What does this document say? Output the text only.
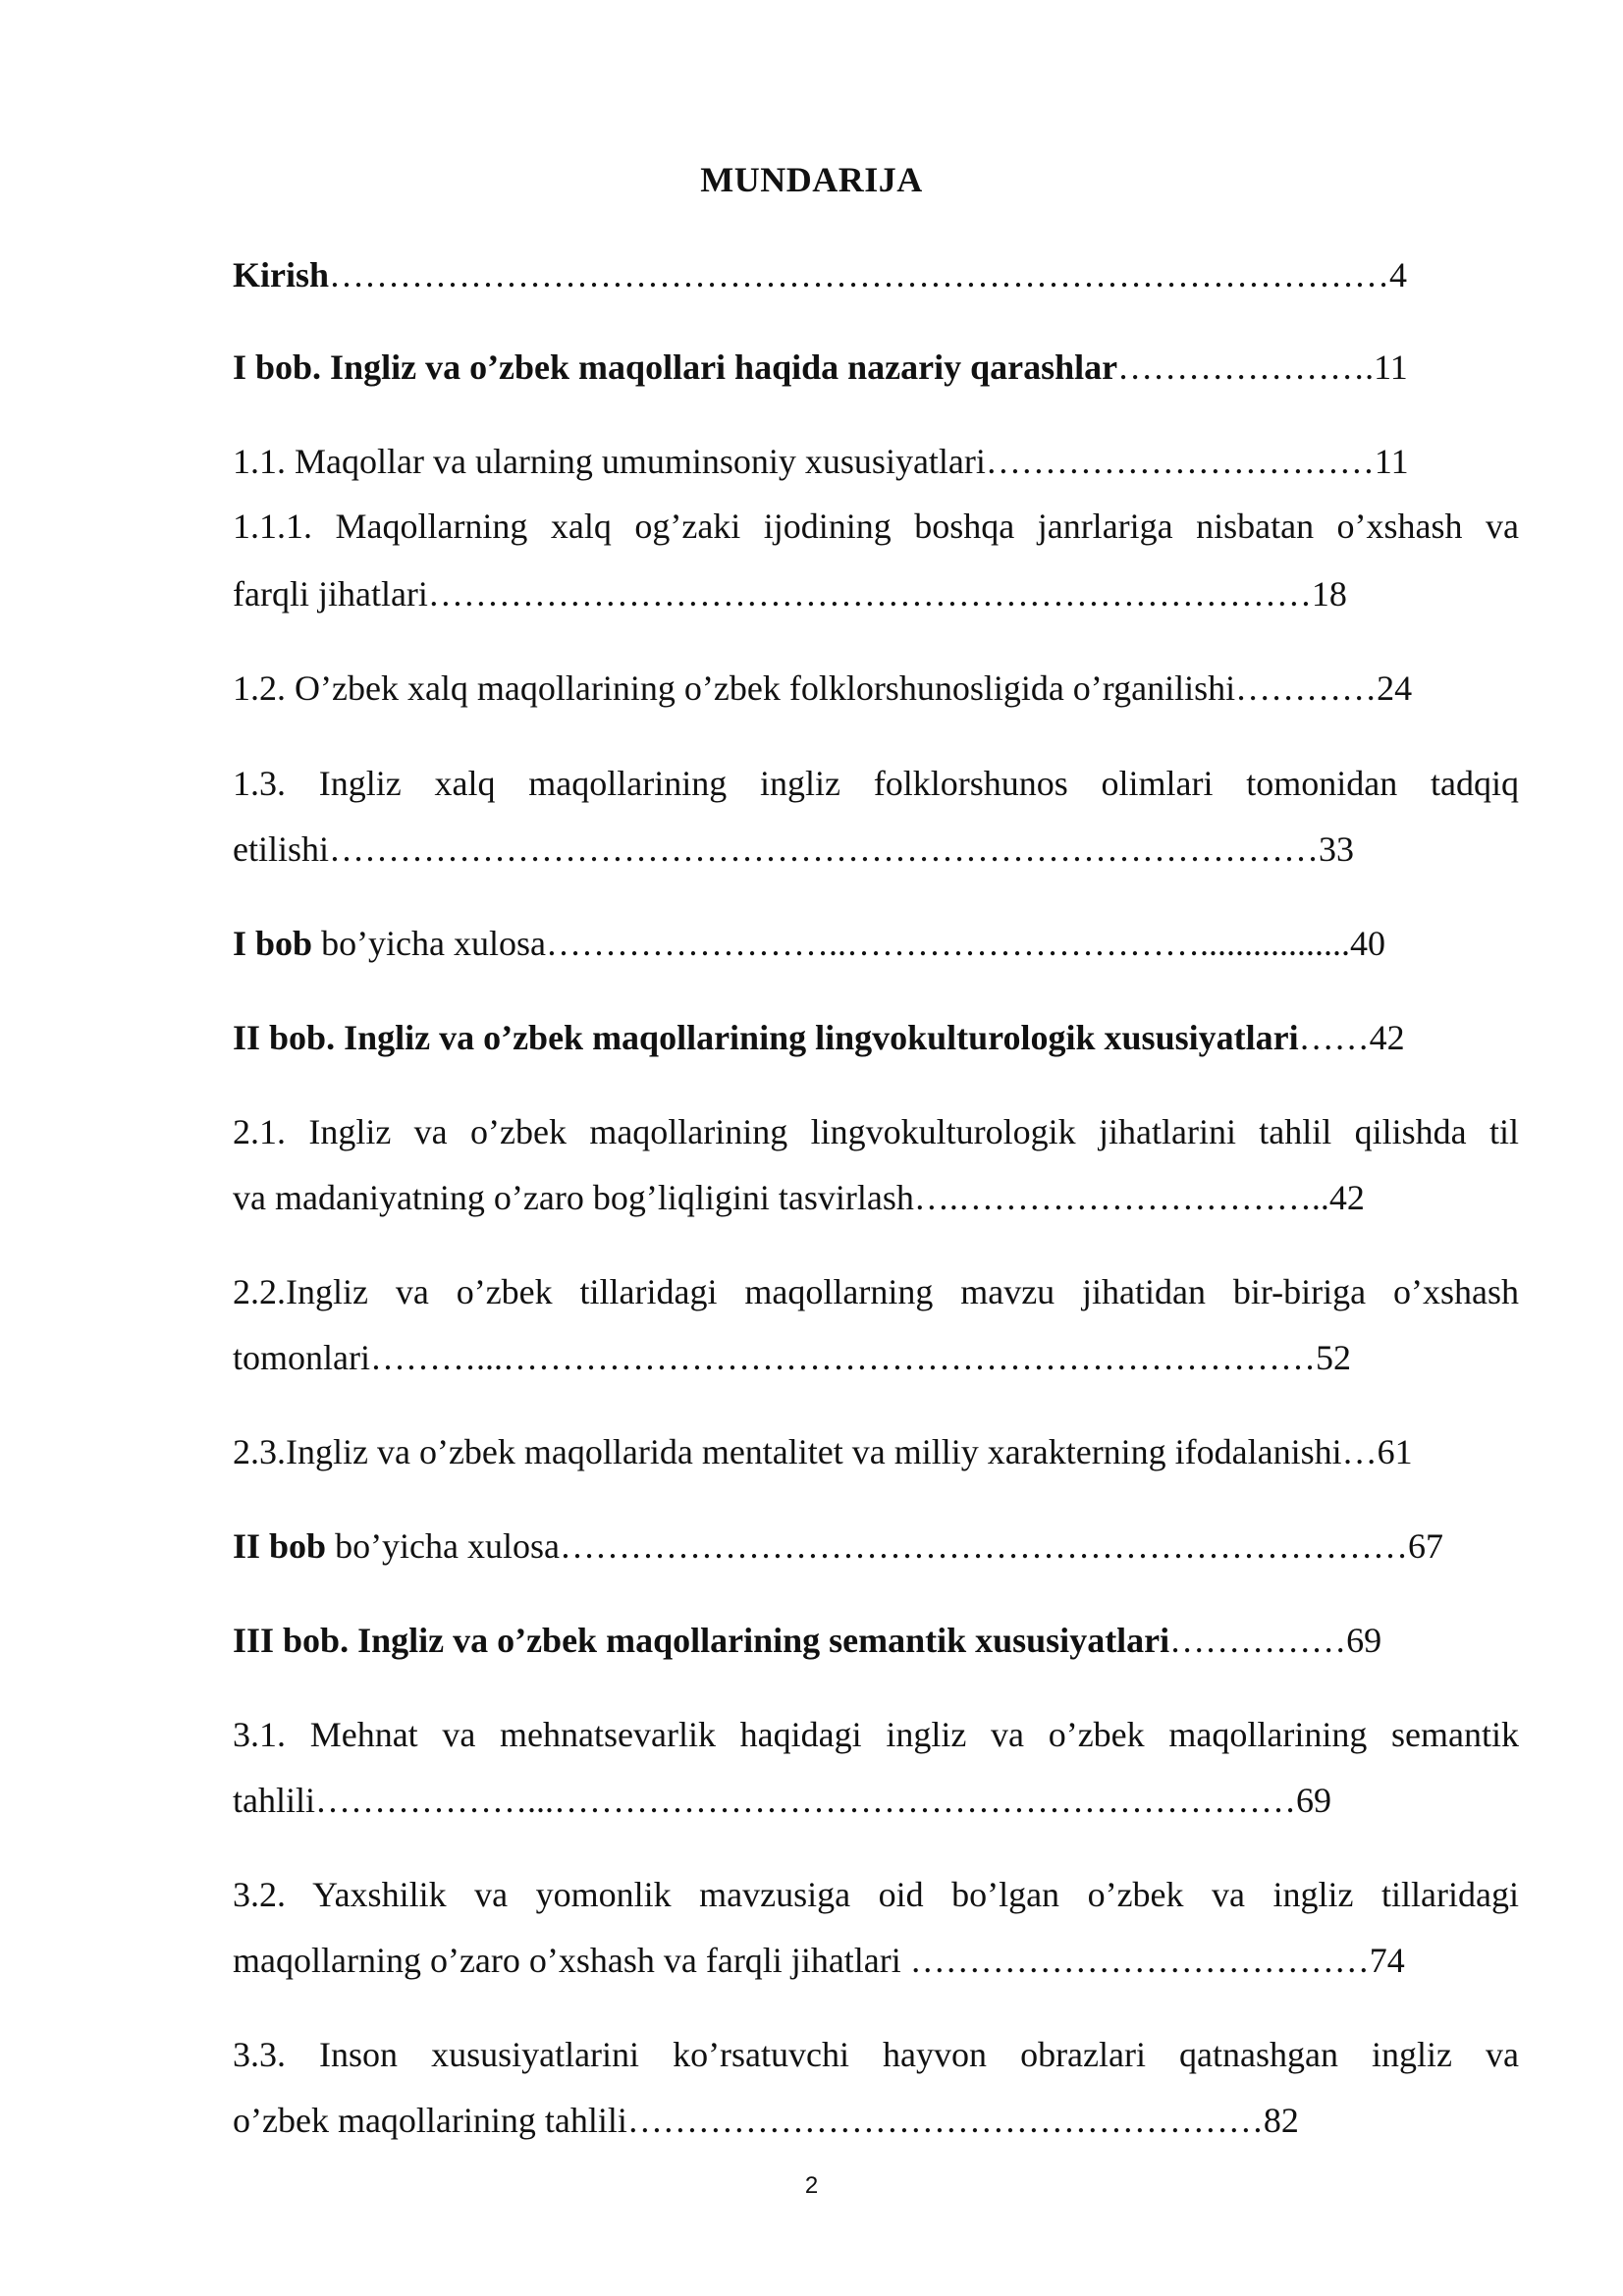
MUNDARIJA
Kirish………………………………………………………………………………4
I bob. Ingliz va o’zbek maqollari haqida nazariy qarashlar………………….11
1.1. Maqollar va ularning umuminsoniy xususiyatlari……………………………11
1.1.1. Maqollarning xalq og’zaki ijodining boshqa janrlariga nisbatan o’xshash va
farqli jihatlari…………………………………………………………………18
1.2. O’zbek xalq maqollarining o’zbek folklorshunosligida o’rganilishi…………24
1.3. Ingliz xalq maqollarining ingliz folklorshunos olimlari tomonidan tadqiq
etilishi…………………………………………………………………………33
I bob bo’yicha xulosa……………………..………………………….................40
II bob. Ingliz va o’zbek maqollarining lingvokulturologik xususiyatlari……42
2.1. Ingliz va o’zbek maqollarining lingvokulturologik jihatlarini tahlil qilishda til
va madaniyatning o’zaro bog’liqligini tasvirlash….…………………………..42
2.2.Ingliz va o’zbek tillaridagi maqollarning mavzu jihatidan bir-biriga o’xshash
tomonlari………...……………………………………………………………52
2.3.Ingliz va o’zbek maqollarida mentalitet va milliy xarakterning ifodalanishi…61
II bob bo’yicha xulosa………………………………………………………………67
III bob. Ingliz va o’zbek maqollarining semantik xususiyatlari……………69
3.1. Mehnat va mehnatsevarlik haqidagi ingliz va o’zbek maqollarining semantik
tahlili………………...………………………………………………………69
3.2. Yaxshilik va yomonlik mavzusiga oid bo’lgan o’zbek va ingliz tillaridagi
maqollarning o’zaro o’xshash va farqli jihatlari …………………………………74
3.3. Inson xususiyatlarini ko’rsatuvchi hayvon obrazlari qatnashgan ingliz va
o’zbek maqollarining tahlili………………………………………………82
2
